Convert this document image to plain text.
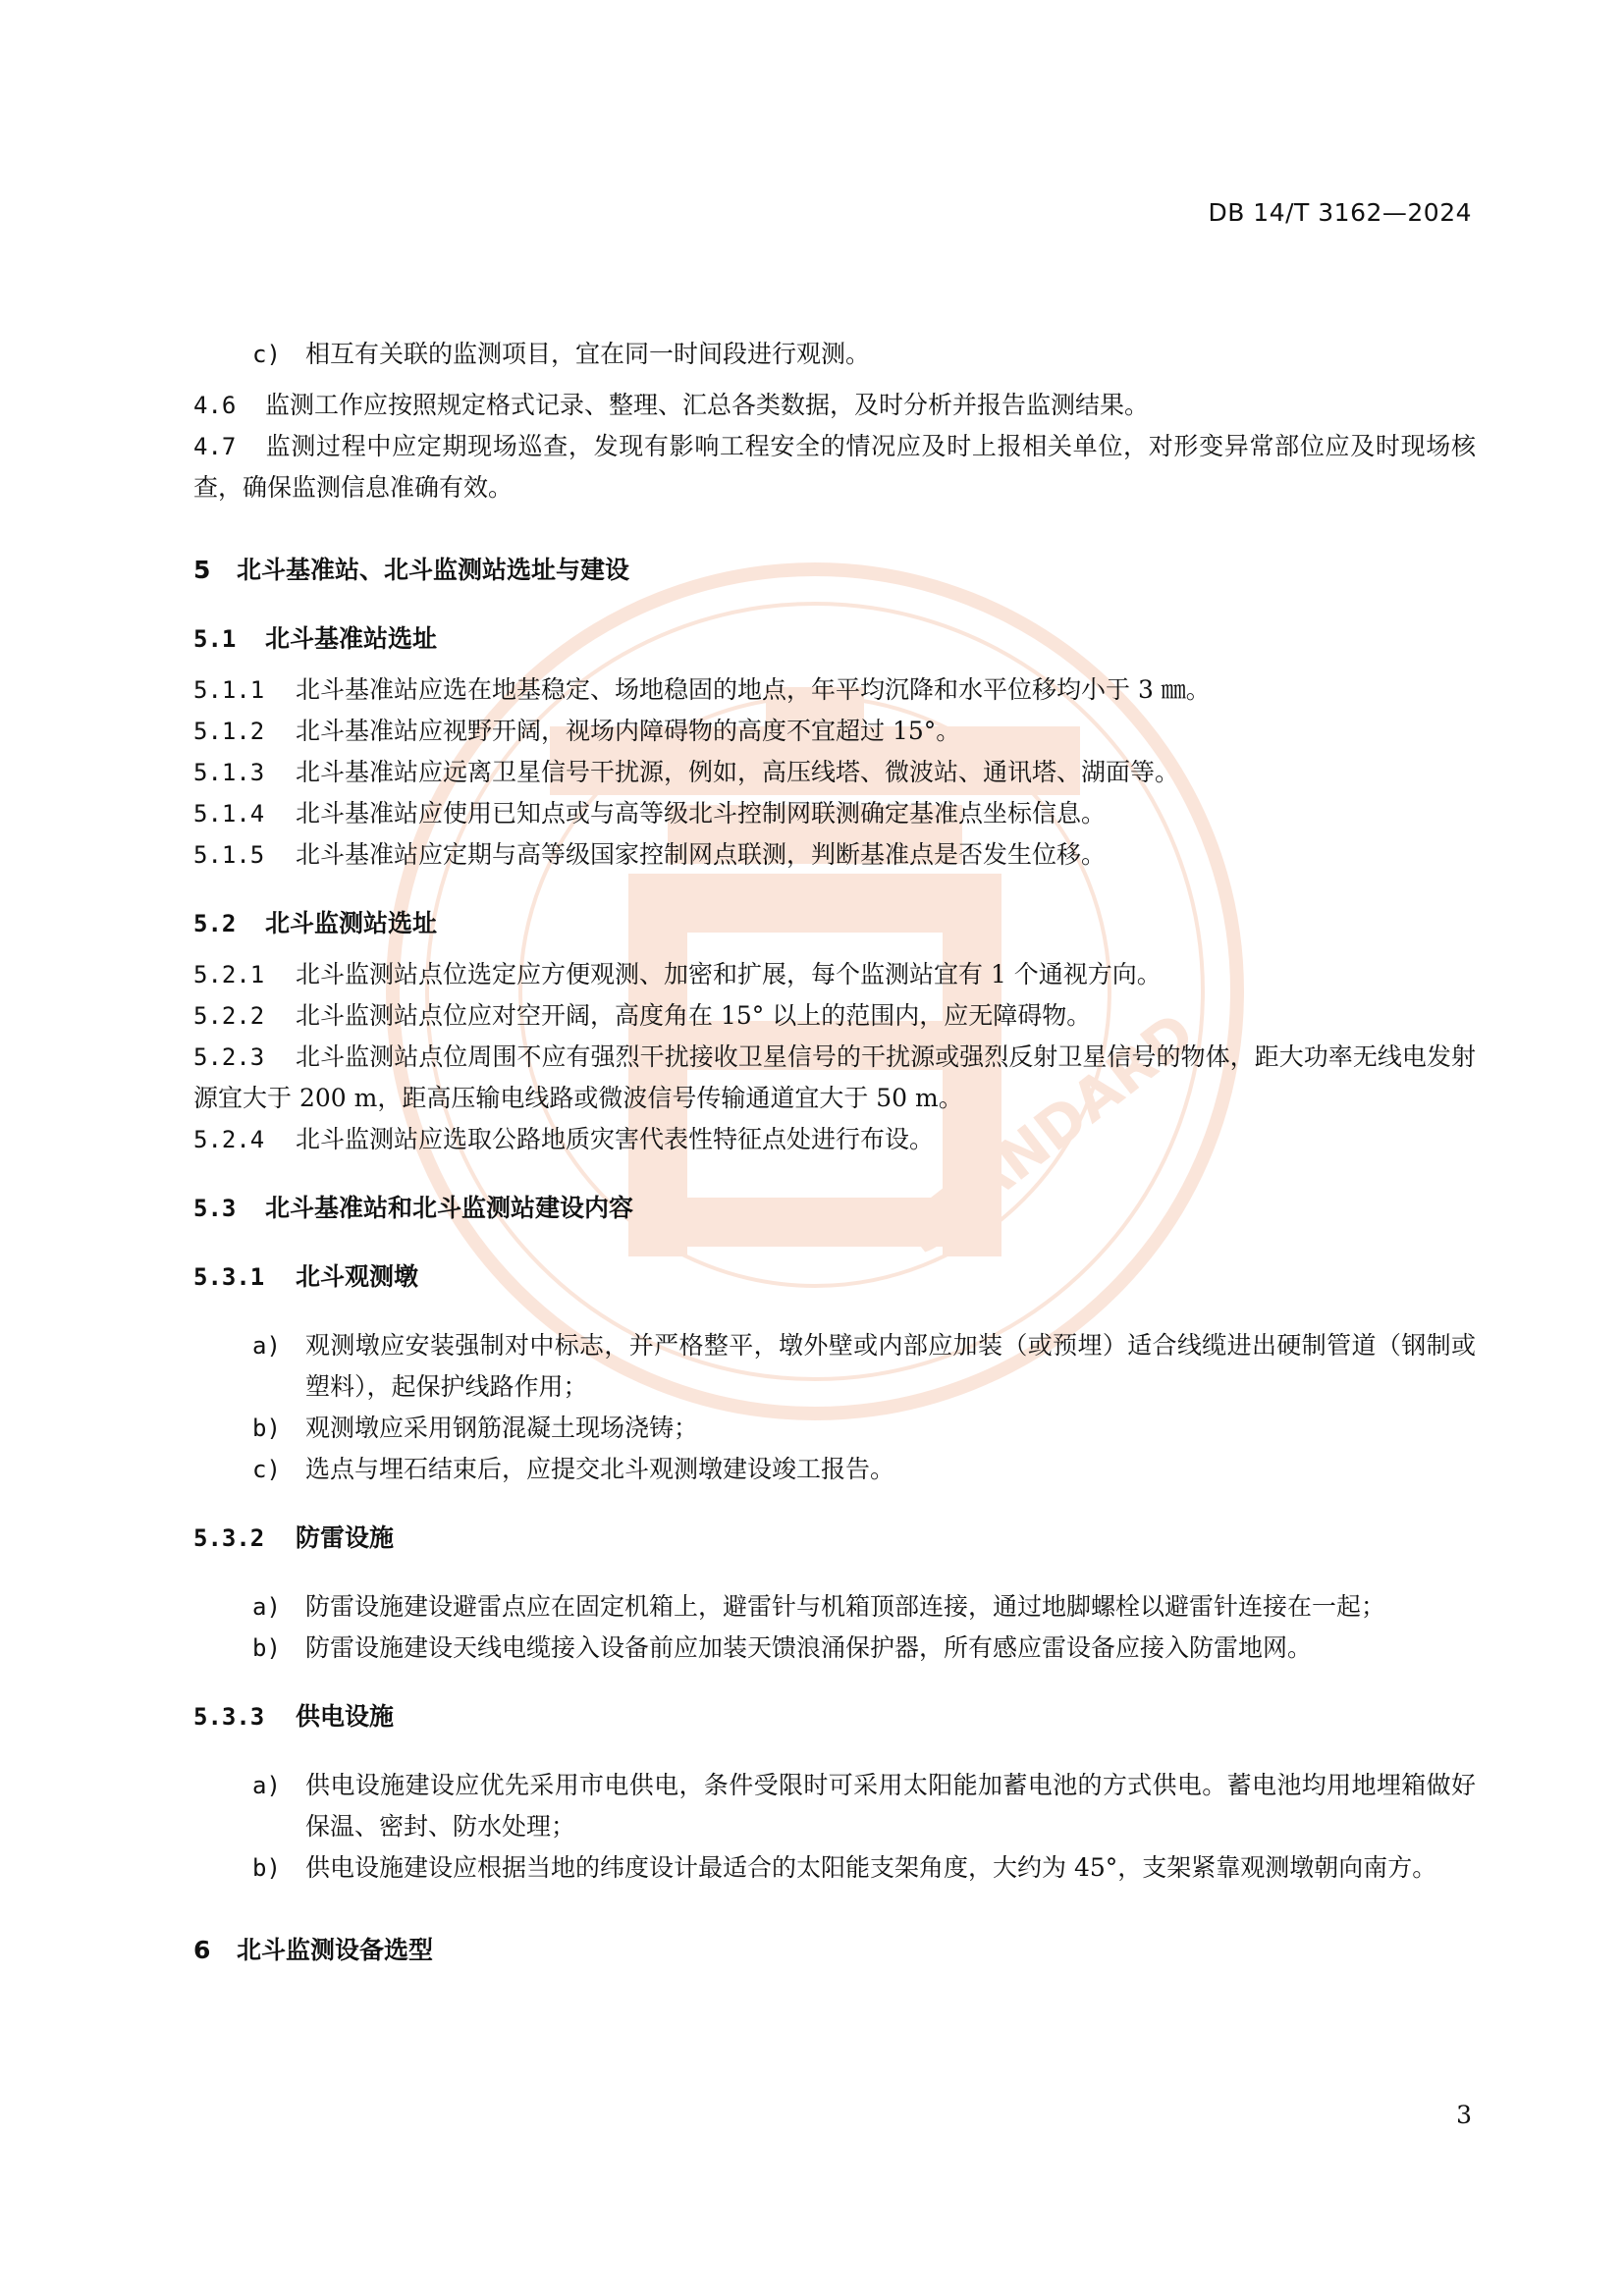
STANDARD
DB 14/T 3162—2024

c) 相互有关联的监测项目，宜在同一时间段进行观测。

4.6 监测工作应按照规定格式记录、整理、汇总各类数据，及时分析并报告监测结果。

4.7 监测过程中应定期现场巡查，发现有影响工程安全的情况应及时上报相关单位，对形变异常部位应及时现场核查，确保监测信息准确有效。

5 北斗基准站、北斗监测站选址与建设

5.1 北斗基准站选址

5.1.1 北斗基准站应选在地基稳定、场地稳固的地点，年平均沉降和水平位移均小于 3 ㎜。

5.1.2 北斗基准站应视野开阔，视场内障碍物的高度不宜超过 15°。

5.1.3 北斗基准站应远离卫星信号干扰源，例如，高压线塔、微波站、通讯塔、湖面等。

5.1.4 北斗基准站应使用已知点或与高等级北斗控制网联测确定基准点坐标信息。

5.1.5 北斗基准站应定期与高等级国家控制网点联测，判断基准点是否发生位移。

5.2 北斗监测站选址

5.2.1 北斗监测站点位选定应方便观测、加密和扩展，每个监测站宜有 1 个通视方向。

5.2.2 北斗监测站点位应对空开阔，高度角在 15° 以上的范围内，应无障碍物。

5.2.3 北斗监测站点位周围不应有强烈干扰接收卫星信号的干扰源或强烈反射卫星信号的物体，距大功率无线电发射源宜大于 200 m，距高压输电线路或微波信号传输通道宜大于 50 m。

5.2.4 北斗监测站应选取公路地质灾害代表性特征点处进行布设。

5.3 北斗基准站和北斗监测站建设内容

5.3.1 北斗观测墩

a) 观测墩应安装强制对中标志，并严格整平，墩外壁或内部应加装（或预埋）适合线缆进出硬制管道（钢制或塑料），起保护线路作用；
b) 观测墩应采用钢筋混凝土现场浇铸；
c) 选点与埋石结束后，应提交北斗观测墩建设竣工报告。

5.3.2 防雷设施

a) 防雷设施建设避雷点应在固定机箱上，避雷针与机箱顶部连接，通过地脚螺栓以避雷针连接在一起；
b) 防雷设施建设天线电缆接入设备前应加装天馈浪涌保护器，所有感应雷设备应接入防雷地网。

5.3.3 供电设施

a) 供电设施建设应优先采用市电供电，条件受限时可采用太阳能加蓄电池的方式供电。蓄电池均用地埋箱做好保温、密封、防水处理；
b) 供电设施建设应根据当地的纬度设计最适合的太阳能支架角度，大约为 45°，支架紧靠观测墩朝向南方。

6 北斗监测设备选型

3
